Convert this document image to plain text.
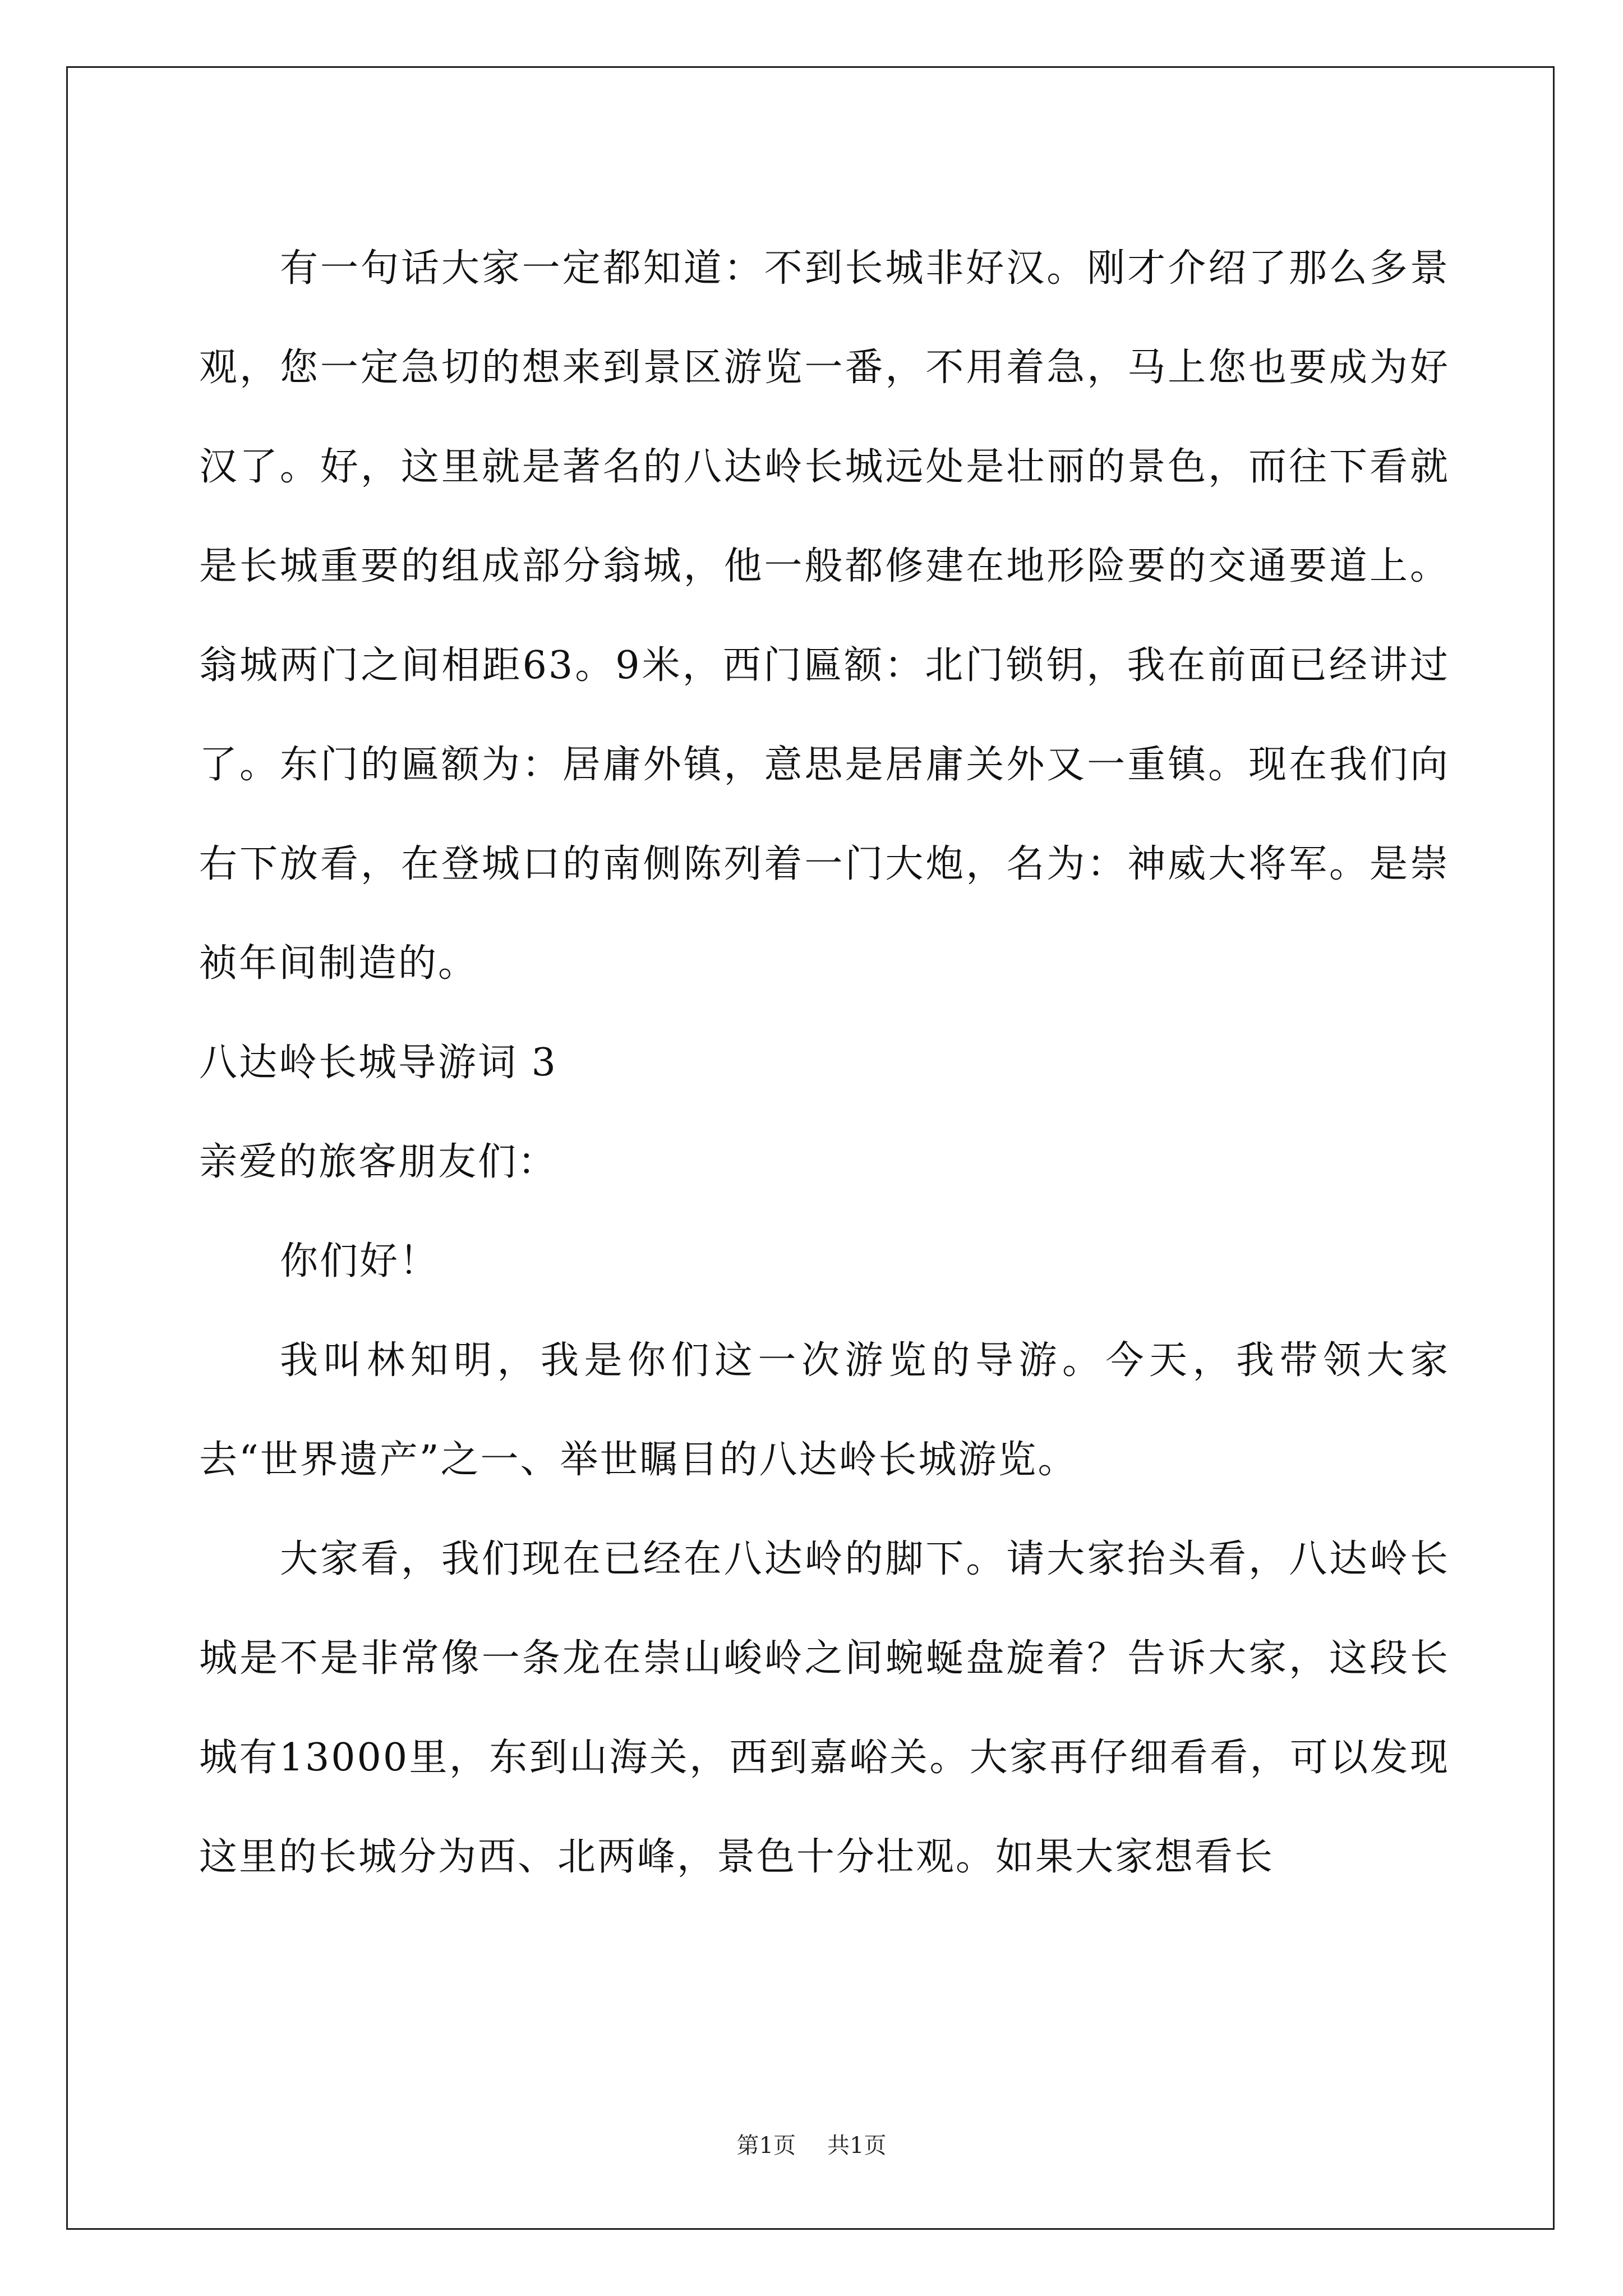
有一句话大家一定都知道：不到长城非好汉。刚才介绍了那么多景观，您一定急切的想来到景区游览一番，不用着急，马上您也要成为好汉了。好，这里就是著名的八达岭长城远处是壮丽的景色，而往下看就是长城重要的组成部分翁城，他一般都修建在地形险要的交通要道上。翁城两门之间相距63。9米，西门匾额：北门锁钥，我在前面已经讲过了。东门的匾额为：居庸外镇，意思是居庸关外又一重镇。现在我们向右下放看，在登城口的南侧陈列着一门大炮，名为：神威大将军。是崇祯年间制造的。

八达岭长城导游词 3

亲爱的旅客朋友们：

你们好！

我叫林知明，我是你们这一次游览的导游。今天，我带领大家去“世界遗产”之一、举世瞩目的八达岭长城游览。

大家看，我们现在已经在八达岭的脚下。请大家抬头看，八达岭长城是不是非常像一条龙在崇山峻岭之间蜿蜒盘旋着？告诉大家，这段长城有13000里，东到山海关，西到嘉峪关。大家再仔细看看，可以发现这里的长城分为西、北两峰，景色十分壮观。如果大家想看长

第1页 共1页
